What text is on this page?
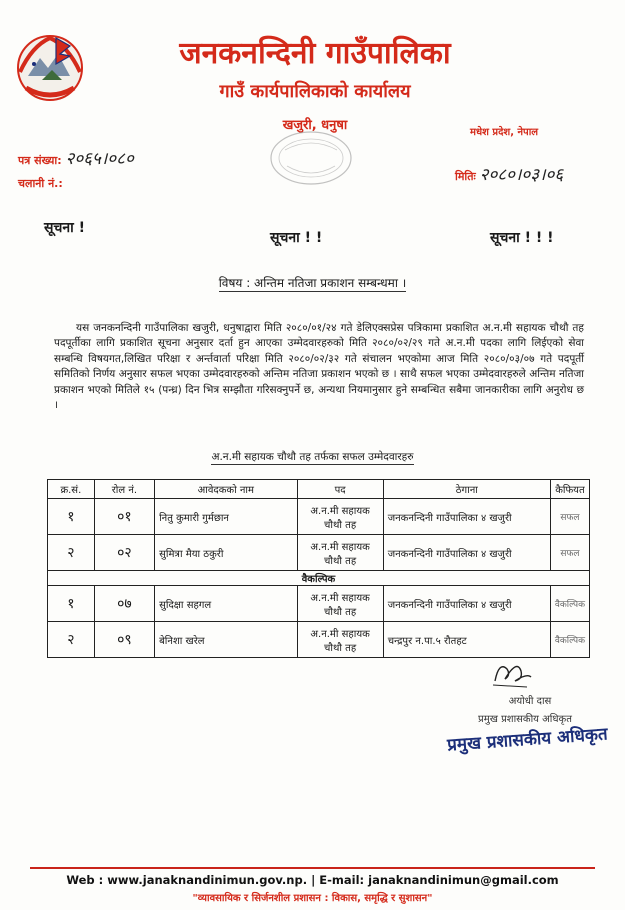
जनकनन्दिनी गाउँपालिका
गाउँ कार्यपालिकाको कार्यालय
खजुरी, धनुषा	मधेश प्रदेश, नेपाल
पत्र संख्या: २०६५।०८०
चलानी नं.:
मितिः २०८०।०३।०६
सूचना !
सूचना ! !	सूचना ! ! !
विषय : अन्तिम नतिजा प्रकाशन सम्बन्धमा ।
यस जनकनन्दिनी गाउँपालिका खजुरी, धनुषाद्वारा मिति २०८०/०१/२४ गते डेलिएक्सप्रेस पत्रिकामा प्रकाशित अ.न.मी सहायक चौथौ तह पदपूर्तीका लागि प्रकाशित सूचना अनुसार दर्ता हुन आएका उम्मेदवारहरुको मिति २०८०/०२/२९ गते अ.न.मी पदका लागि लिईएको सेवा सम्बन्धि विषयगत,लिखित परिक्षा र अर्न्तवार्ता परिक्षा मिति २०८०/०२/३२ गते संचालन भएकोमा आज मिति २०८०/०३/०७ गते पदपूर्ती समितिको निर्णय अनुसार सफल भएका उम्मेदवारहरुको अन्तिम नतिजा प्रकाशन भएको छ । साथै सफल भएका उम्मेदवारहरुले अन्तिम नतिजा प्रकाशन भएको मितिले १५ (पन्ध्र) दिन भित्र सम्झौता गरिसक्नुपर्ने छ, अन्यथा नियमानुसार हुने सम्बन्धित सबैमा जानकारीका लागि अनुरोध छ ।
अ.न.मी सहायक चौथौ तह तर्फका सफल उम्मेदवारहरु
क्र.सं.	रोल नं.	आवेदकको नाम	पद	ठेगाना	कैफियत
१	०१	नितु कुमारी गुर्मछान	अ.न.मी सहायक चौथौ तह	जनकनन्दिनी गाउँपालिका ४ खजुरी	सफल
२	०२	सुमित्रा मैया ठकुरी	अ.न.मी सहायक चौथौ तह	जनकनन्दिनी गाउँपालिका ४ खजुरी	सफल
वैकल्पिक					
१	०७	सुदिक्षा सहगल	अ.न.मी सहायक चौथौ तह	जनकनन्दिनी गाउँपालिका ४ खजुरी	वैकल्पिक
२	०९	बेनिशा खरेल	अ.न.मी सहायक चौथौ तह	चन्द्रपुर न.पा.५ रौतहट	वैकल्पिक
अयोधी दास
प्रमुख प्रशासकीय अधिकृत
प्रमुख प्रशासकीय अधिकृत
Web : www.janaknandinimun.gov.np. | E-mail: janaknandinimun@gmail.com
"व्यावसायिक र सिर्जनशील प्रशासन : विकास, समृद्धि र सुशासन"
